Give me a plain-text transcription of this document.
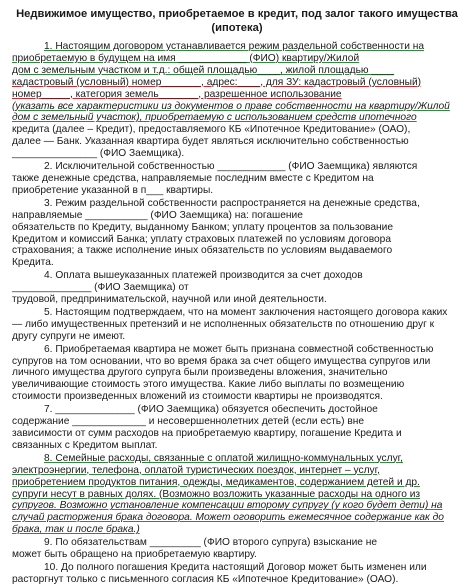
Недвижимое имущество, приобретаемое в кредит, под залог такого имущества
(ипотека)
1. Настоящим договором устанавливается режим раздельной собственности на
приобретаемую в будущем на имя ____________ (ФИО) квартиру/Жилой
дом с земельным участком и т.д.: общей площадью____, жилой площадью ____
кадастровый (условный) номер_______, адрес:____, для ЗУ: кадастровый (условный)
номер_____, категория земель_______, разрешенное использование
(указать все характеристики из документов о праве собственности на квартиру/Жилой
дом с земельный участок), приобретаемую с использованием средств ипотечного
кредита (далее – Кредит), предоставляемого КБ «Ипотечное Кредитование» (ОАО),
далее — Банк. Указанная квартира будет являться исключительно собственностью
_______________ (ФИО Заемщика).
2. Исключительной собственностью ____________ (ФИО Заемщика) являются
также денежные средства, направляемые последним вместе с Кредитом на
приобретение указанной в п___ квартиры.
3. Режим раздельной собственности распространяется на денежные средства,
направляемые ___________ (ФИО Заемщика) на: погашение
обязательств по Кредиту, выданному Банком; уплату процентов за пользование
Кредитом и комиссий Банка; уплату страховых платежей по условиям договора
страхования; а также исполнение иных обязательств по условиям выдаваемого
Кредита.
4. Оплата вышеуказанных платежей производится за счет доходов
______________ (ФИО Заемщика) от
трудовой, предпринимательской, научной или иной деятельности.
5. Настоящим подтверждаем, что на момент заключения настоящего договора каких
— либо имущественных претензий и не исполненных обязательств по отношению друг к
другу супруги не имеют.
6. Приобретаемая квартира не может быть признана совместной собственностью
супругов на том основании, что во время брака за счет общего имущества супругов или
личного имущества другого супруга были произведены вложения, значительно
увеличивающие стоимость этого имущества. Какие либо выплаты по возмещению
стоимости произведенных вложений из стоимости квартиры не производятся.
7. ______________ (ФИО Заемщика) обязуется обеспечить достойное
содержание _____________ и несовершеннолетних детей (если есть) вне
зависимости от сумм расходов на приобретаемую квартиру, погашение Кредита и
связанных с Кредитом выплат.
8. Семейные расходы, связанные с оплатой жилищно-коммунальных услуг,
электроэнергии, телефона, оплатой туристических поездок, интернет – услуг,
приобретением продуктов питания, одежды, медикаментов, содержанием детей и др.
супруги несут в равных долях. (Возможно возложить указанные расходы на одного из
супругов. Возможно установление компенсации второму супругу (у кого будет дети) на
случай расторжения брака договора. Может оговорить ежемесячное содержание как до
брака, так и после брака.)
9. По обязательствам _________ (ФИО второго супруга) взыскание не
может быть обращено на приобретаемую квартиру.
10. До полного погашения Кредита настоящий Договор может быть изменен или
расторгнут только с письменного согласия КБ «Ипотечное Кредитование» (ОАО).
